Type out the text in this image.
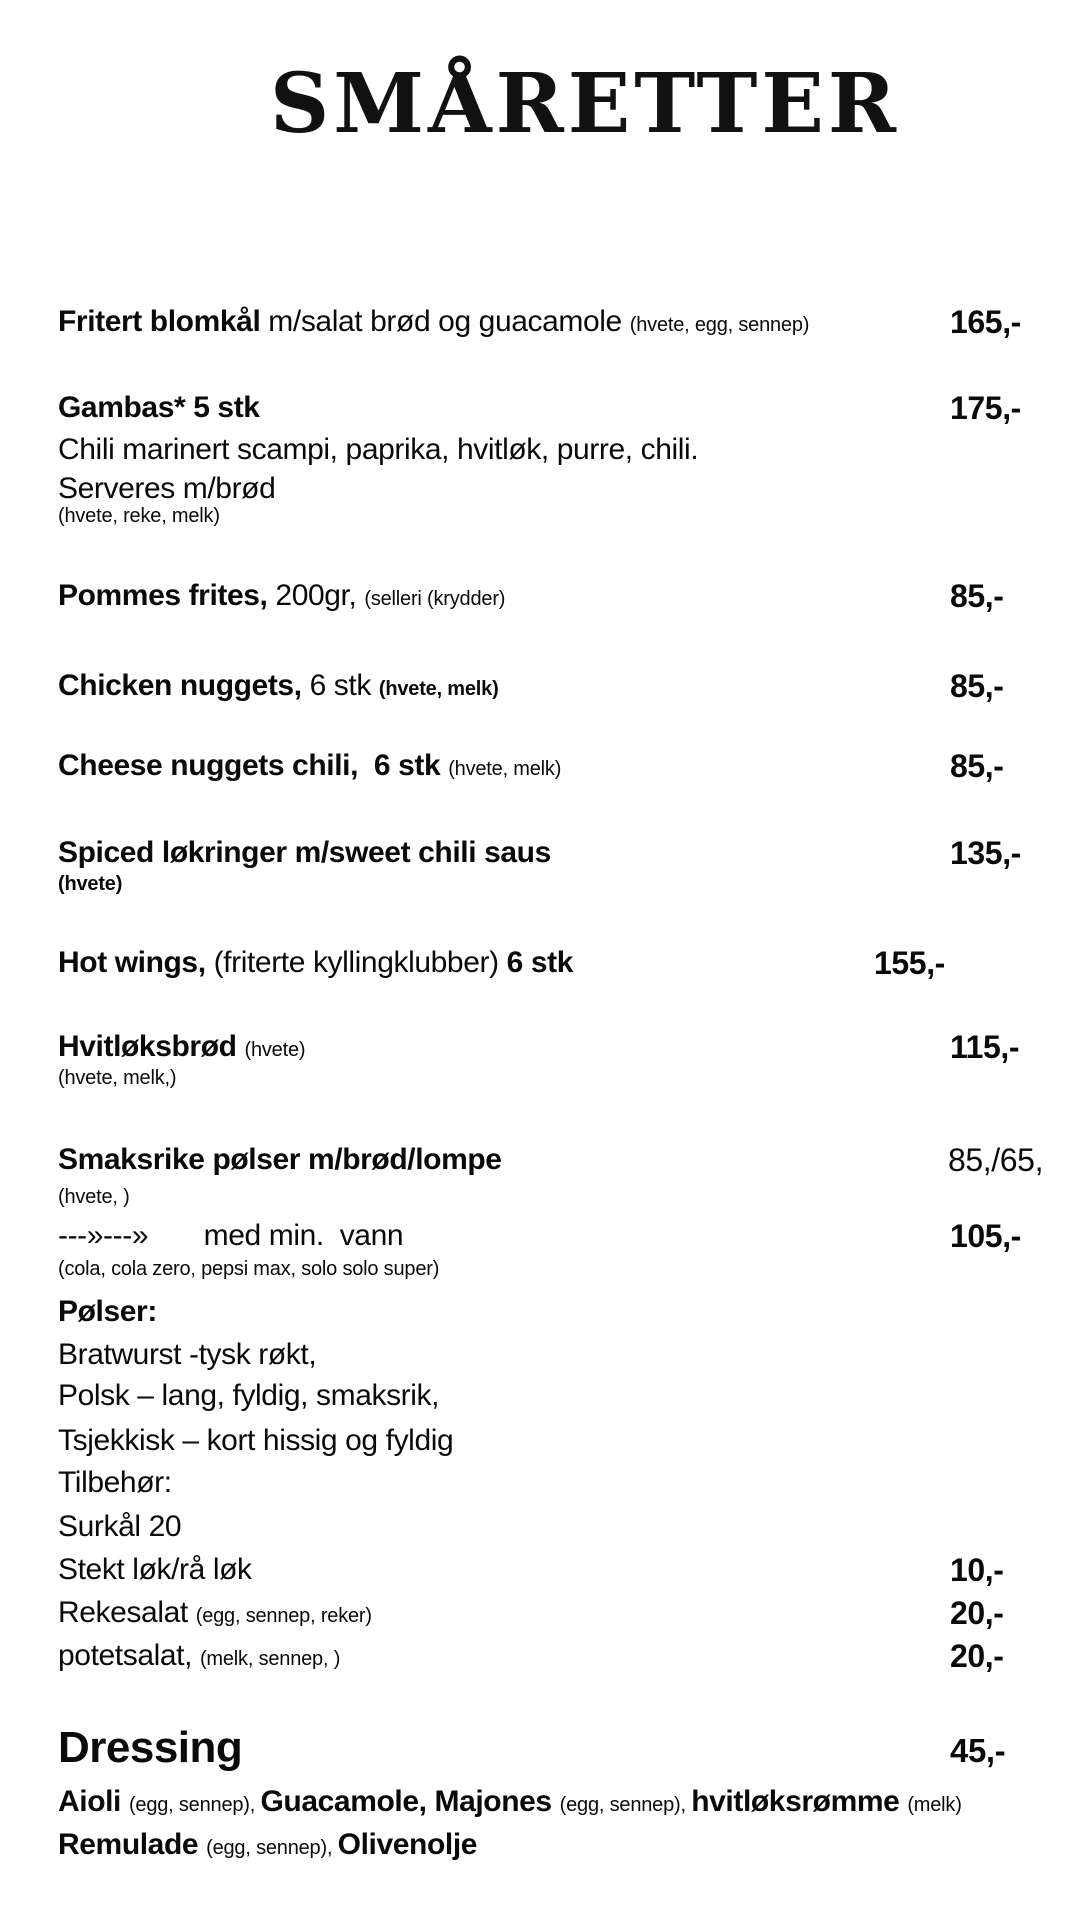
SMÅRETTER
Fritert blomkål m/salat brød og guacamole (hvete, egg, sennep)	165,-
Gambas* 5 stk	175,-
Chili marinert scampi, paprika, hvitløk, purre, chili.
Serveres m/brød
(hvete, reke, melk)
Pommes frites, 200gr, (selleri (krydder)	85,-
Chicken nuggets, 6 stk (hvete, melk)	85,-
Cheese nuggets chili,  6 stk (hvete, melk)	85,-
Spiced løkringer m/sweet chili saus	135,-
(hvete)
Hot wings, (friterte kyllingklubber) 6 stk	155,-
Hvitløksbrød (hvete)	115,-
(hvete, melk,)
Smaksrike pølser m/brød/lompe	85,/65,
(hvete, )
---»---»       med min.  vann	105,-
(cola, cola zero, pepsi max, solo solo super)
Pølser:
Bratwurst -tysk røkt,
Polsk – lang, fyldig, smaksrik,
Tsjekkisk – kort hissig og fyldig
Tilbehør:
Surkål 20
Stekt løk/rå løk	10,-
Rekesalat (egg, sennep, reker)	20,-
potetsalat, (melk, sennep, )	20,-
Dressing	45,-
Aioli (egg, sennep), Guacamole, Majones (egg, sennep), hvitløksrømme (melk)
Remulade (egg, sennep), Olivenolje
